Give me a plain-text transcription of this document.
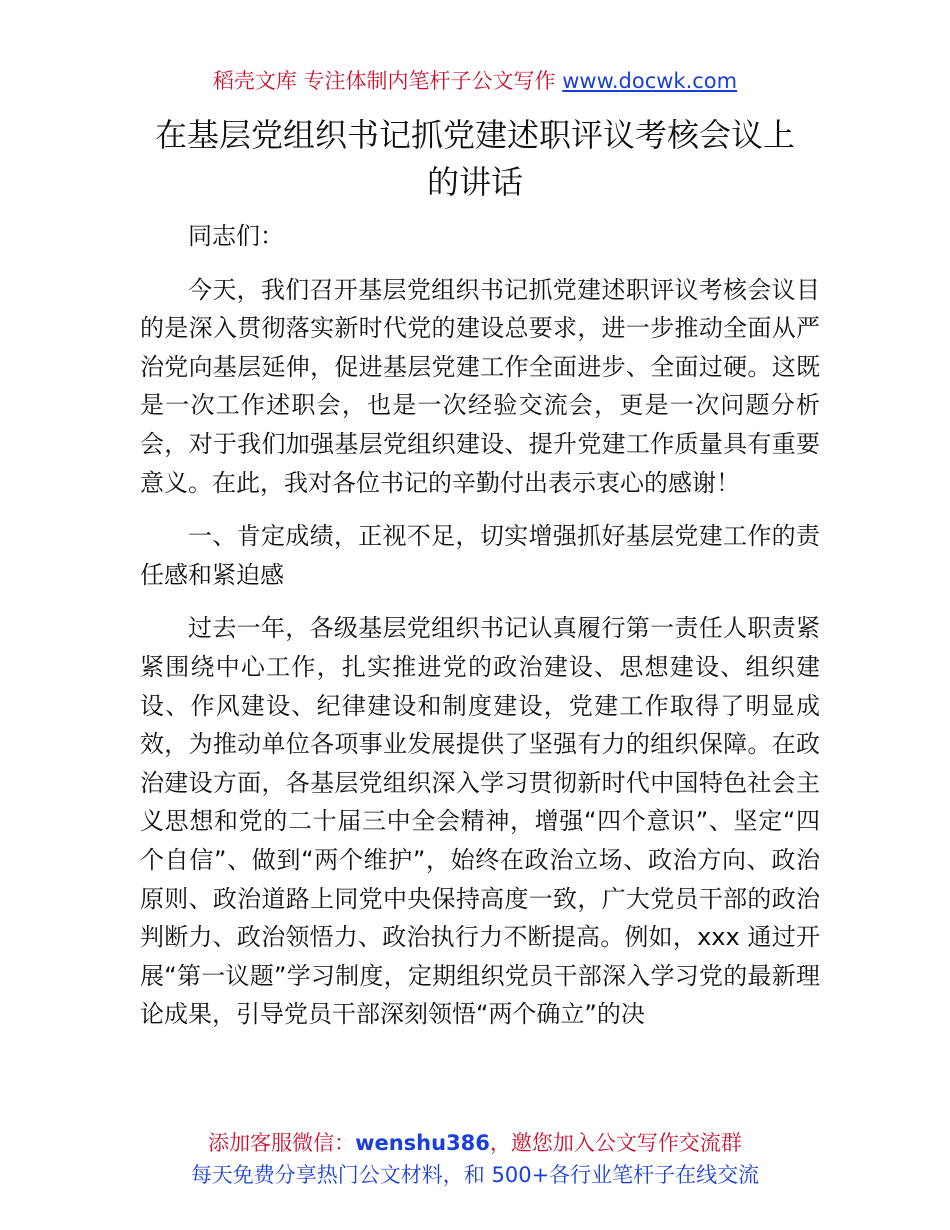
稻壳文库 专注体制内笔杆子公文写作 www.docwk.com
在基层党组织书记抓党建述职评议考核会议上的讲话

同志们：

今天，我们召开基层党组织书记抓党建述职评议考核会议目的是深入贯彻落实新时代党的建设总要求，进一步推动全面从严治党向基层延伸，促进基层党建工作全面进步、全面过硬。这既是一次工作述职会，也是一次经验交流会，更是一次问题分析会，对于我们加强基层党组织建设、提升党建工作质量具有重要意义。在此，我对各位书记的辛勤付出表示衷心的感谢！

一、肯定成绩，正视不足，切实增强抓好基层党建工作的责任感和紧迫感

过去一年，各级基层党组织书记认真履行第一责任人职责紧紧围绕中心工作，扎实推进党的政治建设、思想建设、组织建设、作风建设、纪律建设和制度建设，党建工作取得了明显成效，为推动单位各项事业发展提供了坚强有力的组织保障。在政治建设方面，各基层党组织深入学习贯彻新时代中国特色社会主义思想和党的二十届三中全会精神，增强“四个意识”、坚定“四个自信”、做到“两个维护”，始终在政治立场、政治方向、政治原则、政治道路上同党中央保持高度一致，广大党员干部的政治判断力、政治领悟力、政治执行力不断提高。例如，xxx 通过开展“第一议题”学习制度，定期组织党员干部深入学习党的最新理论成果，引导党员干部深刻领悟“两个确立”的决

添加客服微信：wenshu386，邀您加入公文写作交流群
每天免费分享热门公文材料，和 500+各行业笔杆子在线交流
